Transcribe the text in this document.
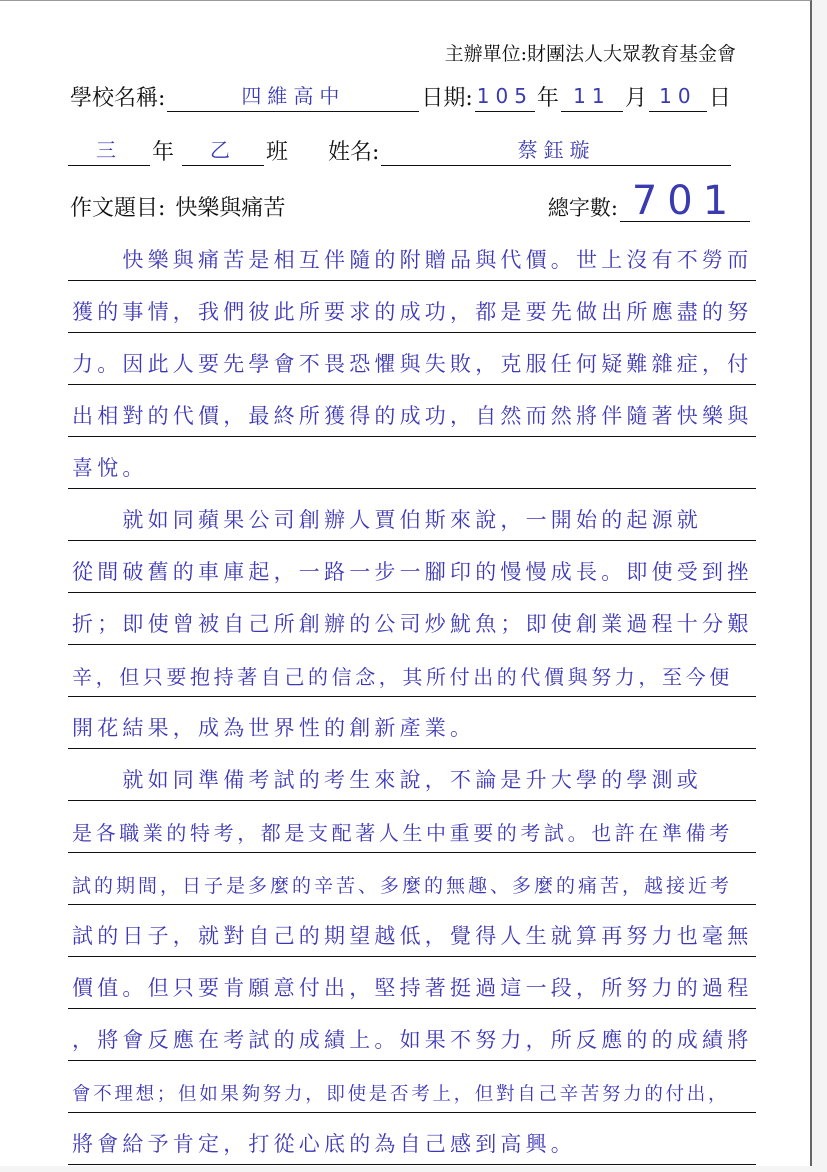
主辦單位:財團法人大眾教育基金會
學校名稱:	四維高中	日期: 105 年 11 月 10 日
三	年	乙	班 姓名:	蔡鈺璇
作文題目: 快樂與痛苦	總字數: 701
　　快樂與痛苦是相互伴隨的附贈品與代價。世上沒有不勞而
獲的事情，我們彼此所要求的成功，都是要先做出所應盡的努
力。因此人要先學會不畏恐懼與失敗，克服任何疑難雜症，付
出相對的代價，最終所獲得的成功，自然而然將伴隨著快樂與
喜悅。
　　就如同蘋果公司創辦人賈伯斯來說，一開始的起源就
從間破舊的車庫起，一路一步一腳印的慢慢成長。即使受到挫
折；即使曾被自己所創辦的公司炒魷魚；即使創業過程十分艱
辛，但只要抱持著自己的信念，其所付出的代價與努力，至今便
開花結果，成為世界性的創新產業。
　　就如同準備考試的考生來說，不論是升大學的學測或
是各職業的特考，都是支配著人生中重要的考試。也許在準備考
試的期間，日子是多麼的辛苦、多麼的無趣、多麼的痛苦，越接近考
試的日子，就對自己的期望越低，覺得人生就算再努力也毫無
價值。但只要肯願意付出，堅持著挺過這一段，所努力的過程
，將會反應在考試的成績上。如果不努力，所反應的的成績將
會不理想；但如果夠努力，即使是否考上，但對自己辛苦努力的付出，
將會給予肯定，打從心底的為自己感到高興。
